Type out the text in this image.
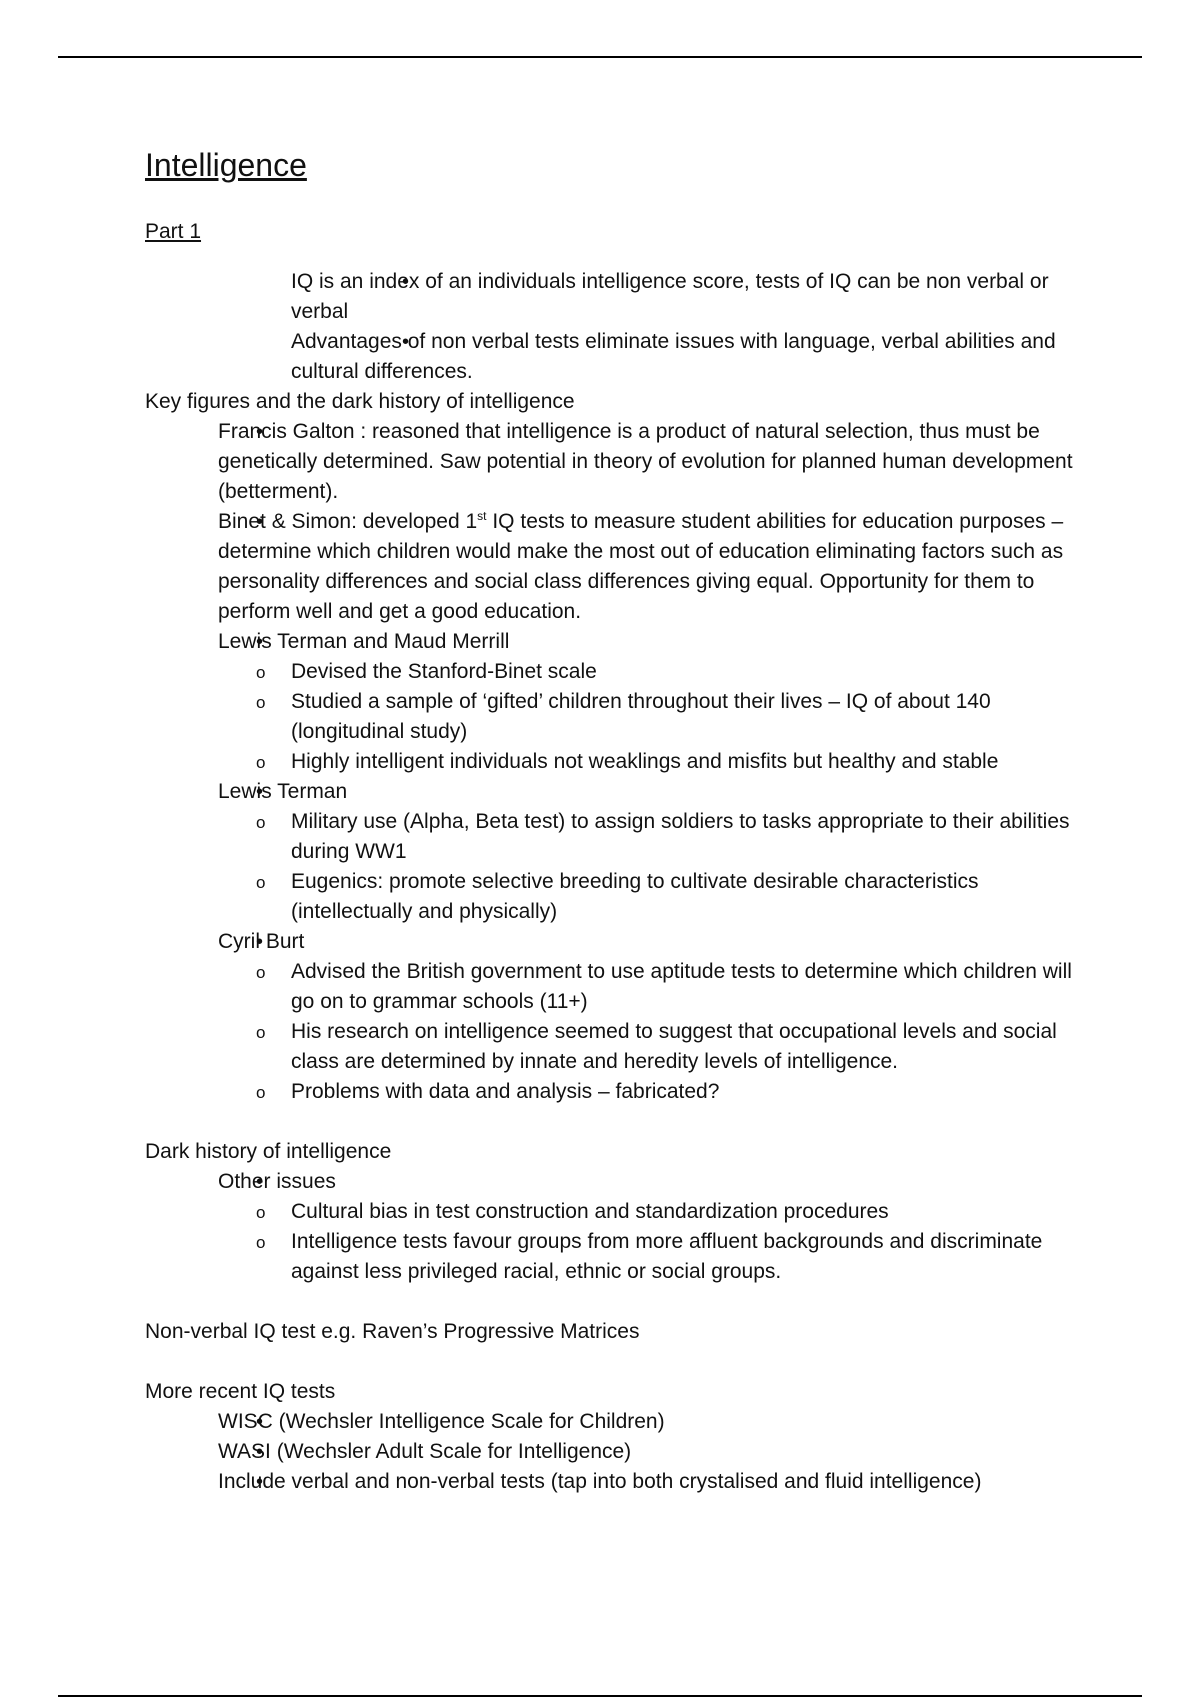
Intelligence
Part 1
• IQ is an index of an individuals intelligence score, tests of IQ can be non verbal or verbal
• Advantages of non verbal tests eliminate issues with language, verbal abilities and cultural differences.
Key figures and the dark history of intelligence
• Francis Galton : reasoned that intelligence is a product of natural selection, thus must be genetically determined. Saw potential in theory of evolution for planned human development (betterment).
• Binet & Simon: developed 1st IQ tests to measure student abilities for education purposes – determine which children would make the most out of education eliminating factors such as personality differences and social class differences giving equal. Opportunity for them to perform well and get a good education.
• Lewis Terman and Maud Merrill
o Devised the Stanford-Binet scale
o Studied a sample of ‘gifted’ children throughout their lives – IQ of about 140 (longitudinal study)
o Highly intelligent individuals not weaklings and misfits but healthy and stable
• Lewis Terman
o Military use (Alpha, Beta test) to assign soldiers to tasks appropriate to their abilities during WW1
o Eugenics: promote selective breeding to cultivate desirable characteristics (intellectually and physically)
• Cyril Burt
o Advised the British government to use aptitude tests to determine which children will go on to grammar schools (11+)
o His research on intelligence seemed to suggest that occupational levels and social class are determined by innate and heredity levels of intelligence.
o Problems with data and analysis – fabricated?
Dark history of intelligence
• Other issues
o Cultural bias in test construction and standardization procedures
o Intelligence tests favour groups from more affluent backgrounds and discriminate against less privileged racial, ethnic or social groups.
Non-verbal IQ test e.g. Raven’s Progressive Matrices
More recent IQ tests
• WISC (Wechsler Intelligence Scale for Children)
• WASI (Wechsler Adult Scale for Intelligence)
• Include verbal and non-verbal tests (tap into both crystalised and fluid intelligence)
